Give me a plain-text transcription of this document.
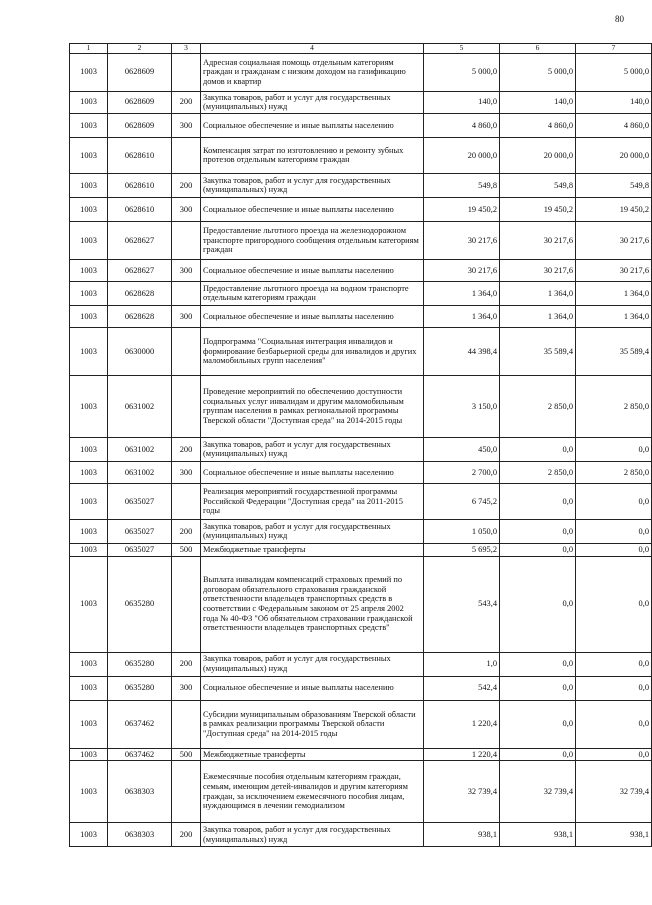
80
1	2	3	4	5	6	7
1003	0628609		Адресная социальная помощь отдельным категориям граждан и гражданам с низким доходом на газификацию домов и квартир	5 000,0	5 000,0	5 000,0
1003	0628609	200	Закупка товаров, работ и услуг для государственных (муниципальных) нужд	140,0	140,0	140,0
1003	0628609	300	Социальное обеспечение и иные выплаты населению	4 860,0	4 860,0	4 860,0
1003	0628610		Компенсация затрат по изготовлению и ремонту зубных протезов отдельным категориям граждан	20 000,0	20 000,0	20 000,0
1003	0628610	200	Закупка товаров, работ и услуг для государственных (муниципальных) нужд	549,8	549,8	549,8
1003	0628610	300	Социальное обеспечение и иные выплаты населению	19 450,2	19 450,2	19 450,2
1003	0628627		Предоставление льготного проезда на железнодорожном транспорте пригородного сообщения отдельным категориям граждан	30 217,6	30 217,6	30 217,6
1003	0628627	300	Социальное обеспечение и иные выплаты населению	30 217,6	30 217,6	30 217,6
1003	0628628		Предоставление льготного проезда на водном транспорте отдельным категориям граждан	1 364,0	1 364,0	1 364,0
1003	0628628	300	Социальное обеспечение и иные выплаты населению	1 364,0	1 364,0	1 364,0
1003	0630000		Подпрограмма "Социальная интеграция инвалидов и формирование безбарьерной среды для инвалидов и других маломобильных групп населения"	44 398,4	35 589,4	35 589,4
1003	0631002		Проведение мероприятий по обеспечению доступности социальных услуг инвалидам и другим маломобильным группам населения в рамках региональной программы Тверской области "Доступная среда" на 2014-2015 годы	3 150,0	2 850,0	2 850,0
1003	0631002	200	Закупка товаров, работ и услуг для государственных (муниципальных) нужд	450,0	0,0	0,0
1003	0631002	300	Социальное обеспечение и иные выплаты населению	2 700,0	2 850,0	2 850,0
1003	0635027		Реализация мероприятий государственной программы Российской Федерации "Доступная среда" на 2011-2015 годы	6 745,2	0,0	0,0
1003	0635027	200	Закупка товаров, работ и услуг для государственных (муниципальных) нужд	1 050,0	0,0	0,0
1003	0635027	500	Межбюджетные трансферты	5 695,2	0,0	0,0
1003	0635280		Выплата инвалидам компенсаций страховых премий по договорам обязательного страхования гражданской ответственности владельцев транспортных средств в соответствии с Федеральным законом от 25 апреля 2002 года № 40-ФЗ "Об обязательном страховании гражданской ответственности владельцев транспортных средств"	543,4	0,0	0,0
1003	0635280	200	Закупка товаров, работ и услуг для государственных (муниципальных) нужд	1,0	0,0	0,0
1003	0635280	300	Социальное обеспечение и иные выплаты населению	542,4	0,0	0,0
1003	0637462		Субсидии муниципальным образованиям Тверской области в рамках реализации программы Тверской области "Доступная среда" на 2014-2015 годы	1 220,4	0,0	0,0
1003	0637462	500	Межбюджетные трансферты	1 220,4	0,0	0,0
1003	0638303		Ежемесячные пособия отдельным категориям граждан, семьям, имеющим детей-инвалидов и другим категориям граждан, за исключением ежемесячного пособия лицам, нуждающимся в лечении гемодиализом	32 739,4	32 739,4	32 739,4
1003	0638303	200	Закупка товаров, работ и услуг для государственных (муниципальных) нужд	938,1	938,1	938,1
